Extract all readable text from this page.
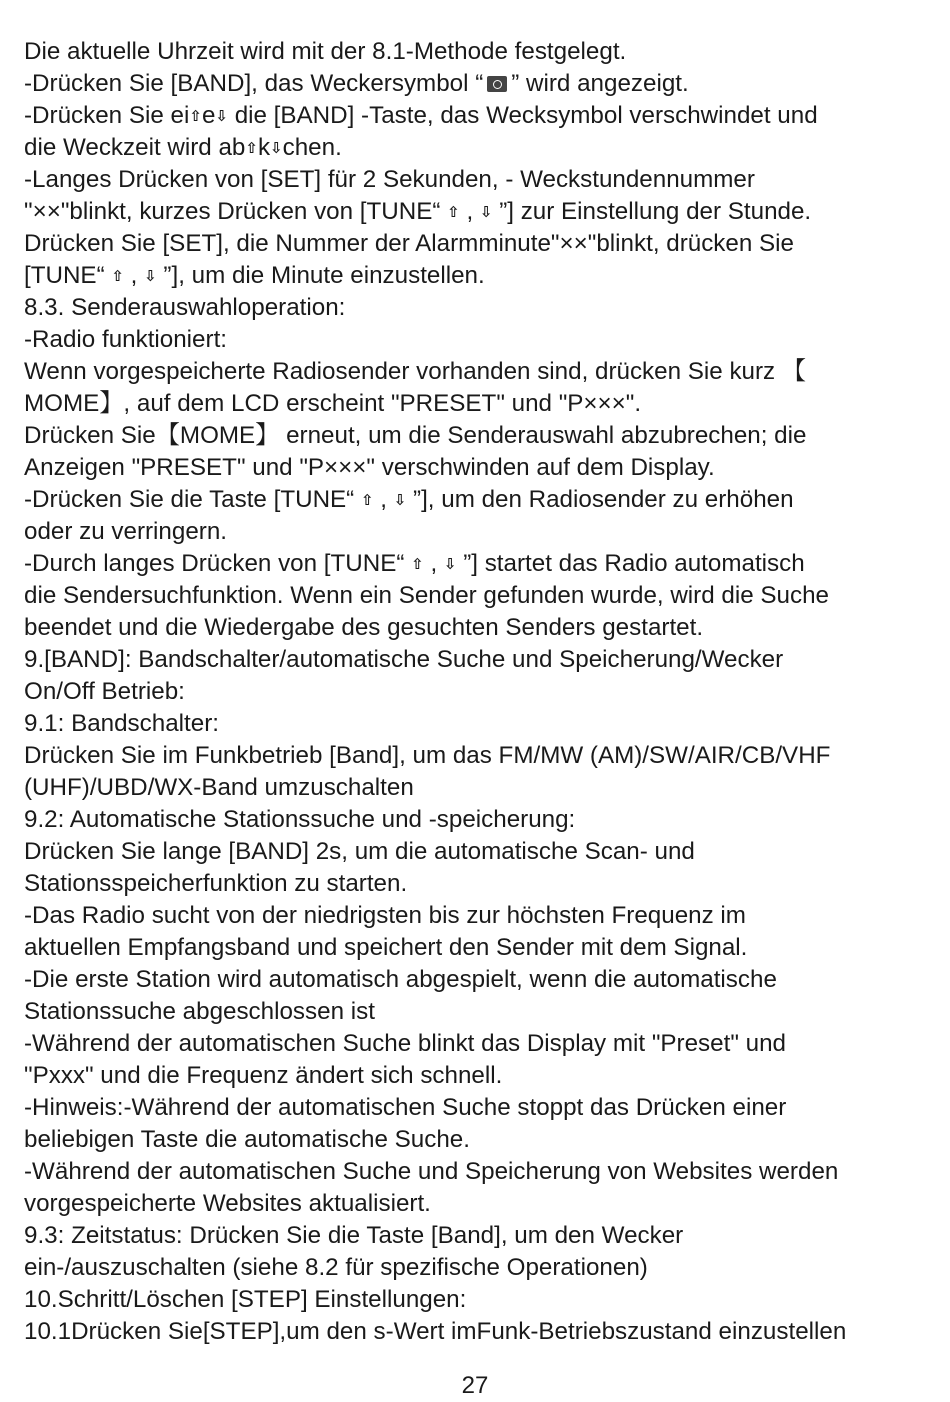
Die aktuelle Uhrzeit wird mit der 8.1-Methode festgelegt.
-Drücken Sie [BAND], das Weckersymbol “ ” wird angezeigt.
-Drücken Sie ei⇧e⇩ die [BAND] -Taste, das Wecksymbol verschwindet und
die Weckzeit wird ab⇧k⇩chen.
-Langes Drücken von [SET] für 2 Sekunden, - Weckstundennummer
"××"blinkt, kurzes Drücken von [TUNE“ ⇧ , ⇩ ”] zur Einstellung der Stunde.
Drücken Sie [SET], die Nummer der Alarmminute"××"blinkt, drücken Sie
[TUNE“ ⇧ , ⇩ ”], um die Minute einzustellen.
8.3. Senderauswahloperation:
-Radio funktioniert:
Wenn vorgespeicherte Radiosender vorhanden sind, drücken Sie kurz 【
MOME】, auf dem LCD erscheint "PRESET" und "P×××".
Drücken Sie【MOME】 erneut, um die Senderauswahl abzubrechen; die
Anzeigen "PRESET" und "P×××" verschwinden auf dem Display.
-Drücken Sie die Taste [TUNE“ ⇧ , ⇩ ”], um den Radiosender zu erhöhen
oder zu verringern.
-Durch langes Drücken von [TUNE“ ⇧ , ⇩ ”] startet das Radio automatisch
die Sendersuchfunktion. Wenn ein Sender gefunden wurde, wird die Suche
beendet und die Wiedergabe des gesuchten Senders gestartet.
9.[BAND]: Bandschalter/automatische Suche und Speicherung/Wecker
On/Off Betrieb:
9.1: Bandschalter:
Drücken Sie im Funkbetrieb [Band], um das FM/MW (AM)/SW/AIR/CB/VHF
(UHF)/UBD/WX-Band umzuschalten
9.2: Automatische Stationssuche und -speicherung:
Drücken Sie lange [BAND] 2s, um die automatische Scan- und
Stationsspeicherfunktion zu starten.
-Das Radio sucht von der niedrigsten bis zur höchsten Frequenz im
aktuellen Empfangsband und speichert den Sender mit dem Signal.
-Die erste Station wird automatisch abgespielt, wenn die automatische
Stationssuche abgeschlossen ist
-Während der automatischen Suche blinkt das Display mit "Preset" und
"Pxxx" und die Frequenz ändert sich schnell.
-Hinweis:-Während der automatischen Suche stoppt das Drücken einer
beliebigen Taste die automatische Suche.
-Während der automatischen Suche und Speicherung von Websites werden
vorgespeicherte Websites aktualisiert.
9.3: Zeitstatus: Drücken Sie die Taste [Band], um den Wecker
ein-/auszuschalten (siehe 8.2 für spezifische Operationen)
10.Schritt/Löschen [STEP] Einstellungen:
10.1Drücken Sie[STEP],um den s-Wert imFunk-Betriebszustand einzustellen
27
